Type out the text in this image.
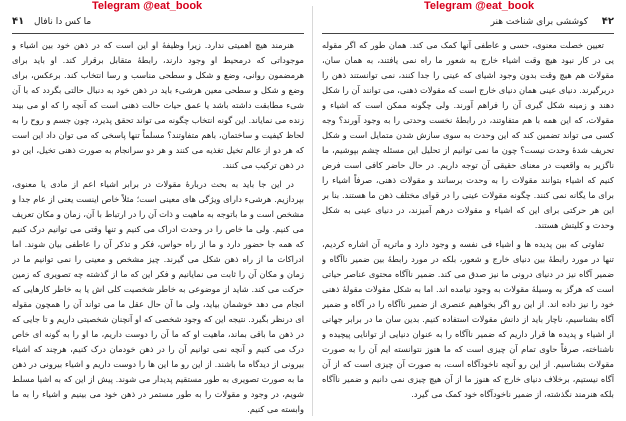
Telegram @eat_book
۴۱ ما كس دا نافال

هنرمند هیچ اهمیتی ندارد. زیرا وظیفهٔ او این است که در ذهن خود بین اشیاء و موجوداتی که درمحیط او وجود دارند، رابطهٔ متقابل برقرار کند. او باید برای هرمضمون روانی، وضع و شکل و سطحی مناسب و رسا انتخاب کند. برعکس، برای وضع و شکل و سطحی معین هرشیء باید در ذهن خود به دنبال حالتی بگردد که با آن شیء مطابقت داشته باشد یا عمق حیات حالت ذهنی است که آنچه را که او می بیند زنده می نمایاند. این گونه انتخاب چگونه می تواند تحقق پذیرد، چون جسم و روح را به لحاظ کیفیت و ساختمان، باهم متفاوتند؟ مسلماً تنها پاسخی که می توان داد این است که هر دو از عالم تخیل تغذیه می کنند و هر دو سرانجام به صورت ذهنی تخیل، این دو در ذهن ترکیب می کنند.

در این جا باید به بحث دربارهٔ مقولات در برابر اشیاء اعم از مادی یا معنوی، بپردازیم. هرشیء دارای ویژگی های معینی است؛ مثلاً خاص اینست یعنی از عام جدا و مشخص است و ما باتوجه به ماهیت و ذات آن را در ارتباط با آن، زمان و مکان تعریف می کنیم. ولی ما خاص را در وحدت ادراک می کنیم و تنها وقتی می توانیم درک کنیم که همه جا حضور دارد و ما از راه حواس، فکر و تذکر آن را عاطفی بیان شوند. اما ادراکات ما از راه ذهن شکل می گیرند. چیز مشخص و معینی را نمی توانیم ما در زمان و مکان آن را ثابت می نمایانیم و فکر این که ما از گذشته چه تصویری که زمین حرکت می کند. شاید از موضوعی به خاطر شخصیت کلی اش یا به خاطر کارهایی که انجام می دهد خوشمان بیاید، ولی ما آن حال عقل ما می تواند آن را همچون مقوله ای درنظر بگیرد. نتیجه این که وجود شخصی که او آنچنان شخصیتی داریم و تا جایی که در ذهن ما باقی بماند، ماهیت او که ما آن را دوست داریم، ما او را به گونه ای خاص درک می کنیم و آنچه نمی توانیم آن را در ذهن خودمان درک کنیم، هرچند که اشیاء بیرونی از دیدگاه ما باشند. از این رو ما این ها را دوست داریم و اشیاء بیرونی در ذهن ما به صورت تصویری به طور مستقیم پدیدار می شوند. پیش از این که به اشیا مسلط شویم، در وجود و مقولات را به طور مستمر در ذهن خود می بینیم و اشیاء را به ما وابسته می کنیم.

Telegram @eat_book
۴۲
كوششى براى شناخت هنر

تعیین خصلت معنوی، حسی و عاطفی آنها کمک می کند. همان طور که اگر مقوله یی در کار نبود هیچ وقت اشیاء خارج به شعور ما راه نمی یافتند، به همان سان، مقولات هم هیچ وقت بدون وجود اشیای که عینی را جدا کنند، نمی توانستند ذهن را دربرگیرند. دنیای عینی همان دنیای خارج است که مقولات ذهنی، می توانند آن را شکل دهند و زمینه شکل گیری آن را فراهم آورند. ولی چگونه ممکن است که اشیاء و مقولات، که این همه با هم متفاوتند، در رابطهٔ نخست وحدتی را به وجود آورند؟ وجه کسی می تواند تضمین کند که این وحدت به سوی سازش شدن متمایل است و شکل تحریف شدهٔ وحدت نیست؟ چون ما نمی توانیم از تحلیل این مسئله چشم بپوشیم، ما ناگزیر به واقعیت در معنای حقیقی آن توجه داریم. در حال حاضر کافی است فرض کنیم که اشیاء بتوانند مقولات را به وحدت برسانند و مقولات ذهنی، صرفاً اشیاء را برای ما یگانه نمی کنند. چگونه مقولات عینی را در قوای مختلف ذهن ما هستند. بنا بر این هر حرکتی برای این که اشیاء و مقولات درهم آمیزند، در دنیای عینی به شکل وحدت و کلیتش هستند.

تفاوتی که بین پدیده ها و اشیاء فی نفسه و وجود دارد و ماتریه آن اشاره کردیم، تنها در مورد رابطهٔ بین دنیای خارج و شعور، بلکه در مورد رابطهٔ بین ضمیر ناآگاه و ضمیر آگاه نیز در دنیای درونی ما نیز صدق می کند. ضمیر ناآگاه محتوی عناصر حیاتی است که هرگز به وسیلهٔ مقولات به وجود نیامده اند. اما به شکل مقولات مقولهٔ ذهنی خود را نیز داده اند. از این رو اگر بخواهیم عنصری از ضمیر ناآگاه را در آگاه و ضمیر آگاه بشناسیم، ناچار باید از دانش مقولات استفاده کنیم. بدین سان ما در برابر جهانی از اشیاء و پدیده ها قرار داریم که ضمیر ناآگاه را به عنوان دنیایی از توانایی پیچیده و ناشناخته، صرفاً حاوی تمام آن چیزی است که ما هنوز نتوانسته ایم آن را به صورت مقولات بشناسیم. از این رو آنچه ناخودآگاه است، به صورت آن چیزی است که از آن آگاه نیستیم، برخلاف دنیای خارج که هنوز ما از آن هیچ چیزی نمی دانیم و ضمیر ناآگاه بلکه هنرمند نگذشته، از ضمیر ناخودآگاه خود کمک می گیرد.
